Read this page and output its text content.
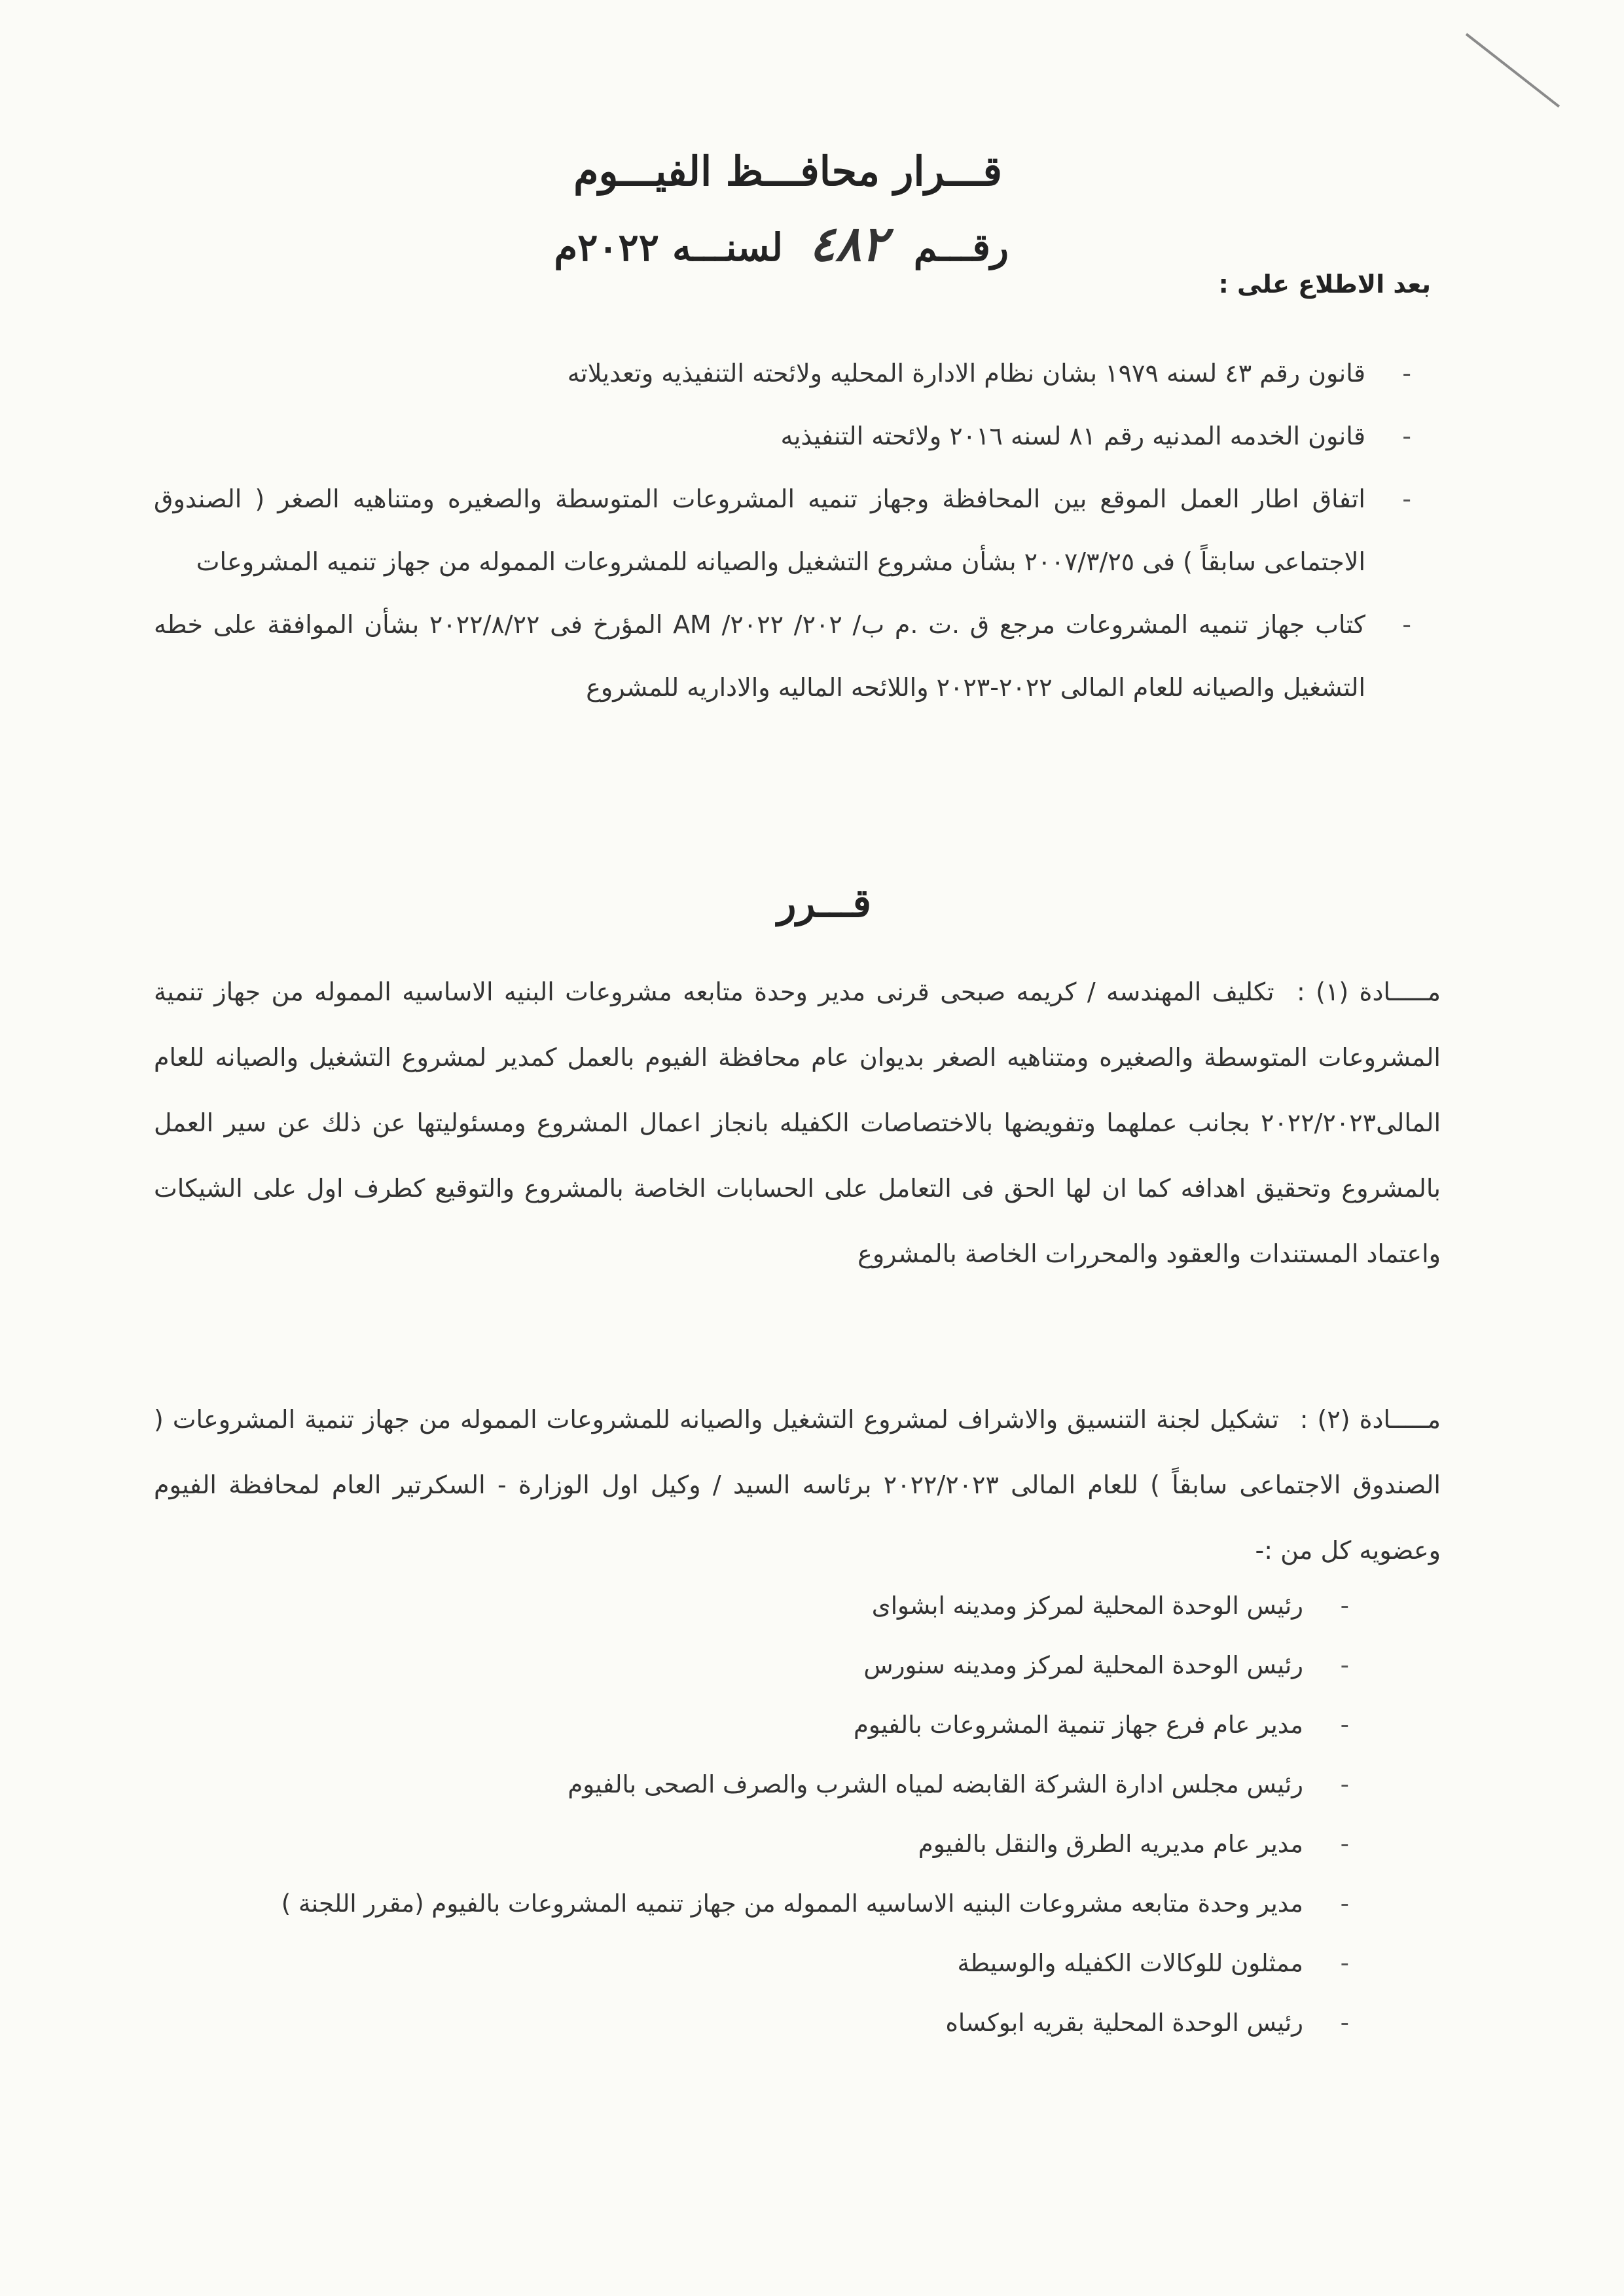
قـــرار محافـــظ الفيـــوم
رقـــم ٤٨٢ لسنـــه ٢٠٢٢م
بعد الاطلاع على :
-
قانون رقم ٤٣ لسنه ١٩٧٩ بشان نظام الادارة المحليه ولائحته التنفيذيه وتعديلاته
-
قانون الخدمه المدنيه رقم ٨١ لسنه ٢٠١٦ ولائحته التنفيذيه
-
اتفاق اطار العمل الموقع بين المحافظة وجهاز تنميه المشروعات المتوسطة والصغيره ومتناهيه الصغر ( الصندوق الاجتماعى سابقاً ) فى ٢٠٠٧/٣/٢٥ بشأن مشروع التشغيل والصيانه للمشروعات المموله من جهاز تنميه المشروعات
-
كتاب جهاز تنميه المشروعات مرجع ق .ت .م ب/ ٢٠٢/ ٢٠٢٢/ AM المؤرخ فى ٢٠٢٢/٨/٢٢ بشأن الموافقة على خطه التشغيل والصيانه للعام المالى ٢٠٢٢-٢٠٢٣ واللائحه الماليه والاداريه للمشروع
قـــرر

مـــــادة (١) : تكليف المهندسه / كريمه صبحى قرنى مدير وحدة متابعه مشروعات البنيه الاساسيه المموله من جهاز تنمية المشروعات المتوسطة والصغيره ومتناهيه الصغر بديوان عام محافظة الفيوم بالعمل كمدير لمشروع التشغيل والصيانه للعام المالى٢٠٢٢/٢٠٢٣ بجانب عملهما وتفويضها بالاختصاصات الكفيله بانجاز اعمال المشروع ومسئوليتها عن ذلك عن سير العمل بالمشروع وتحقيق اهدافه كما ان لها الحق فى التعامل على الحسابات الخاصة بالمشروع والتوقيع كطرف اول على الشيكات واعتماد المستندات والعقود والمحررات الخاصة بالمشروع

مـــــادة (٢) : تشكيل لجنة التنسيق والاشراف لمشروع التشغيل والصيانه للمشروعات المموله من جهاز تنمية المشروعات ( الصندوق الاجتماعى سابقاً ) للعام المالى ٢٠٢٢/٢٠٢٣ برئاسه السيد / وكيل اول الوزارة - السكرتير العام لمحافظة الفيوم وعضويه كل من :-

-
رئيس الوحدة المحلية لمركز ومدينه ابشواى
-
رئيس الوحدة المحلية لمركز ومدينه سنورس
-
مدير عام فرع جهاز تنمية المشروعات بالفيوم
-
رئيس مجلس ادارة الشركة القابضه لمياه الشرب والصرف الصحى بالفيوم
-
مدير عام مديريه الطرق والنقل بالفيوم
-
مدير وحدة متابعه مشروعات البنيه الاساسيه المموله من جهاز تنميه المشروعات بالفيوم (مقرر اللجنة )
-
ممثلون للوكالات الكفيله والوسيطة
-
رئيس الوحدة المحلية بقريه ابوكساه
